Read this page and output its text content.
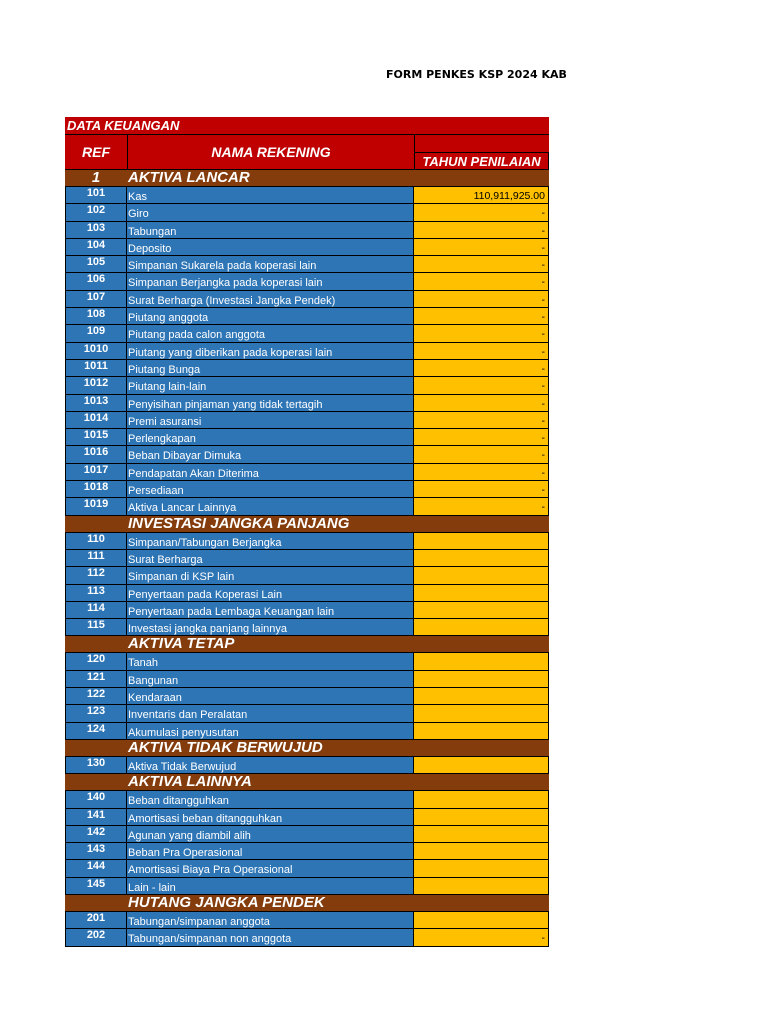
FORM PENKES KSP 2024 KAB
DATA KEUANGAN
REF	NAMA REKENING
TAHUN PENILAIAN
1	AKTIVA LANCAR
101	Kas	110,911,925.00
102	Giro	-
103	Tabungan	-
104	Deposito	-
105	Simpanan Sukarela pada koperasi lain	-
106	Simpanan Berjangka pada koperasi lain	-
107	Surat Berharga (Investasi Jangka Pendek)	-
108	Piutang anggota	-
109	Piutang pada calon anggota	-
1010	Piutang yang diberikan pada koperasi lain	-
1011	Piutang Bunga	-
1012	Piutang lain-lain	-
1013	Penyisihan pinjaman yang tidak tertagih	-
1014	Premi asuransi	-
1015	Perlengkapan	-
1016	Beban Dibayar Dimuka	-
1017	Pendapatan Akan Diterima	-
1018	Persediaan	-
1019	Aktiva Lancar Lainnya	-
INVESTASI JANGKA PANJANG
110	Simpanan/Tabungan Berjangka
111	Surat Berharga
112	Simpanan di KSP lain
113	Penyertaan pada Koperasi Lain
114	Penyertaan pada Lembaga Keuangan lain
115	Investasi jangka panjang lainnya
AKTIVA TETAP
120	Tanah
121	Bangunan
122	Kendaraan
123	Inventaris dan Peralatan
124	Akumulasi penyusutan
AKTIVA TIDAK BERWUJUD
130	Aktiva Tidak Berwujud
AKTIVA LAINNYA
140	Beban ditangguhkan
141	Amortisasi beban ditangguhkan
142	Agunan yang diambil alih
143	Beban Pra Operasional
144	Amortisasi Biaya Pra Operasional
145	Lain - lain
HUTANG JANGKA PENDEK
201	Tabungan/simpanan anggota
202	Tabungan/simpanan non anggota	-
